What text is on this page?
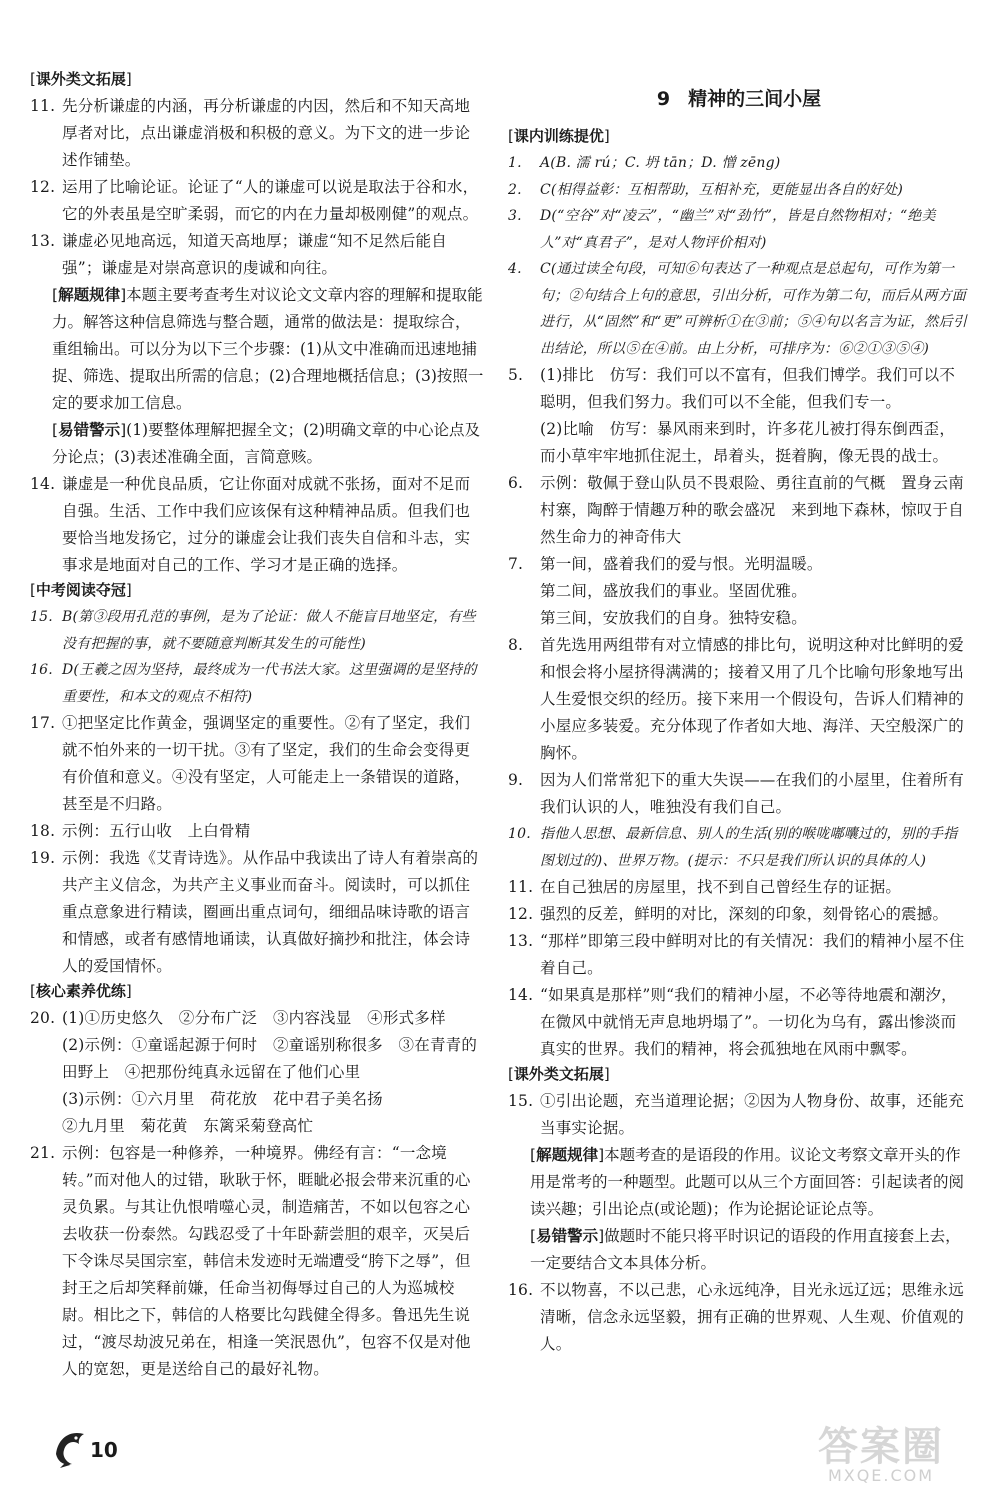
[ 课外类文拓展 ]
11. 先分析谦虚的内涵，再分析谦虚的内因，然后和不知天高地厚者对比，点出谦虚消极和积极的意义。为下文的进一步论述作铺垫。
12. 运用了比喻论证。论证了“人的谦虚可以说是取法于谷和水，它的外表虽是空旷柔弱，而它的内在力量却极刚健”的观点。
13. 谦虚必见地高远，知道天高地厚；谦虚“知不足然后能自强”；谦虚是对崇高意识的虔诚和向往。
[ 解题规律 ] 本题主要考查考生对议论文文章内容的理解和提取能力。解答这种信息筛选与整合题，通常的做法是：提取综合，重组输出。可以分为以下三个步骤：(1)从文中准确而迅速地捕捉、筛选、提取出所需的信息；(2)合理地概括信息；(3)按照一定的要求加工信息。
[ 易错警示 ] (1)要整体理解把握全文；(2)明确文章的中心论点及分论点；(3)表述准确全面，言简意赅。
14. 谦虚是一种优良品质，它让你面对成就不张扬，面对不足而自强。生活、工作中我们应该保有这种精神品质。但我们也要恰当地发扬它，过分的谦虚会让我们丧失自信和斗志，实事求是地面对自己的工作、学习才是正确的选择。
[ 中考阅读夺冠 ]
15. B(第③段用孔范的事例，是为了论证：做人不能盲目地坚定，有些没有把握的事，就不要随意判断其发生的可能性)
16. D(王羲之因为坚持，最终成为一代书法大家。这里强调的是坚持的重要性，和本文的观点不相符)
17. ①把坚定比作黄金，强调坚定的重要性。②有了坚定，我们就不怕外来的一切干扰。③有了坚定，我们的生命会变得更有价值和意义。④没有坚定，人可能走上一条错误的道路，甚至是不归路。
18. 示例：五行山收　上白骨精
19. 示例：我选《艾青诗选》。从作品中我读出了诗人有着崇高的共产主义信念，为共产主义事业而奋斗。阅读时，可以抓住重点意象进行精读，圈画出重点词句，细细品味诗歌的语言和情感，或者有感情地诵读，认真做好摘抄和批注，体会诗人的爱国情怀。
[ 核心素养优练 ]
20. (1)①历史悠久　②分布广泛　③内容浅显　④形式多样
(2)示例：①童谣起源于何时　②童谣别称很多　③在青青的田野上　④把那份纯真永远留在了他们心里
(3)示例：①六月里　荷花放　花中君子美名扬
②九月里　菊花黄　东篱采菊登高忙
21. 示例：包容是一种修养，一种境界。佛经有言：“一念境转。”而对他人的过错，耿耿于怀，睚眦必报会带来沉重的心灵负累。与其让仇恨啃噬心灵，制造痛苦，不如以包容之心去收获一份泰然。勾践忍受了十年卧薪尝胆的艰辛，灭吴后下令诛尽吴国宗室，韩信未发迹时无端遭受“胯下之辱”，但封王之后却笑释前嫌，任命当初侮辱过自己的人为巡城校尉。相比之下，韩信的人格要比勾践健全得多。鲁迅先生说过，“渡尽劫波兄弟在，相逢一笑泯恩仇”，包容不仅是对他人的宽恕，更是送给自己的最好礼物。
9 精神的三间小屋
[ 课内训练提优 ]
1. A(B. 濡 rú；C. 坍 tān；D. 憎 zēng)
2. C(相得益彰：互相帮助，互相补充，更能显出各自的好处)
3. D(“空谷”对“凌云”，“幽兰”对“劲竹”，皆是自然物相对；“绝美人”对“真君子”，是对人物评价相对)
4. C(通过读全句段，可知⑥句表达了一种观点是总起句，可作为第一句；②句结合上句的意思，引出分析，可作为第二句，而后从两方面进行，从“固然”和“更”可辨析①在③前；⑤④句以名言为证，然后引出结论，所以⑤在④前。由上分析，可排序为：⑥②①③⑤④)
5. (1)排比　仿写：我们可以不富有，但我们博学。我们可以不聪明，但我们努力。我们可以不全能，但我们专一。
(2)比喻　仿写：暴风雨来到时，许多花儿被打得东倒西歪，而小草牢牢地抓住泥土，昂着头，挺着胸，像无畏的战士。
6. 示例：敬佩于登山队员不畏艰险、勇往直前的气概　置身云南村寨，陶醉于情趣万种的歌会盛况　来到地下森林，惊叹于自然生命力的神奇伟大
7. 第一间，盛着我们的爱与恨。光明温暖。
第二间，盛放我们的事业。坚固优雅。
第三间，安放我们的自身。独特安稳。
8. 首先选用两组带有对立情感的排比句，说明这种对比鲜明的爱和恨会将小屋挤得满满的；接着又用了几个比喻句形象地写出人生爱恨交织的经历。接下来用一个假设句，告诉人们精神的小屋应多装爱。充分体现了作者如大地、海洋、天空般深广的胸怀。
9. 因为人们常常犯下的重大失误——在我们的小屋里，住着所有我们认识的人，唯独没有我们自己。
10. 指他人思想、最新信息、别人的生活(别的喉咙嘟囔过的，别的手指图划过的)、世界万物。(提示：不只是我们所认识的具体的人)
11. 在自己独居的房屋里，找不到自己曾经生存的证据。
12. 强烈的反差，鲜明的对比，深刻的印象，刻骨铭心的震撼。
13. “那样”即第三段中鲜明对比的有关情况：我们的精神小屋不住着自己。
14. “如果真是那样”则“我们的精神小屋，不必等待地震和潮汐，在微风中就悄无声息地坍塌了”。一切化为乌有，露出惨淡而真实的世界。我们的精神，将会孤独地在风雨中飘零。
[ 课外类文拓展 ]
15. ①引出论题，充当道理论据；②因为人物身份、故事，还能充当事实论据。
[ 解题规律 ] 本题考查的是语段的作用。议论文考察文章开头的作用是常考的一种题型。此题可以从三个方面回答：引起读者的阅读兴趣；引出论点(或论题)；作为论据论证论点等。
[ 易错警示 ] 做题时不能只将平时识记的语段的作用直接套上去，一定要结合文本具体分析。
16. 不以物喜，不以己悲，心永远纯净，目光永远辽远；思维永远清晰，信念永远坚毅，拥有正确的世界观、人生观、价值观的人。
10	答案圈
MXQE.COM
